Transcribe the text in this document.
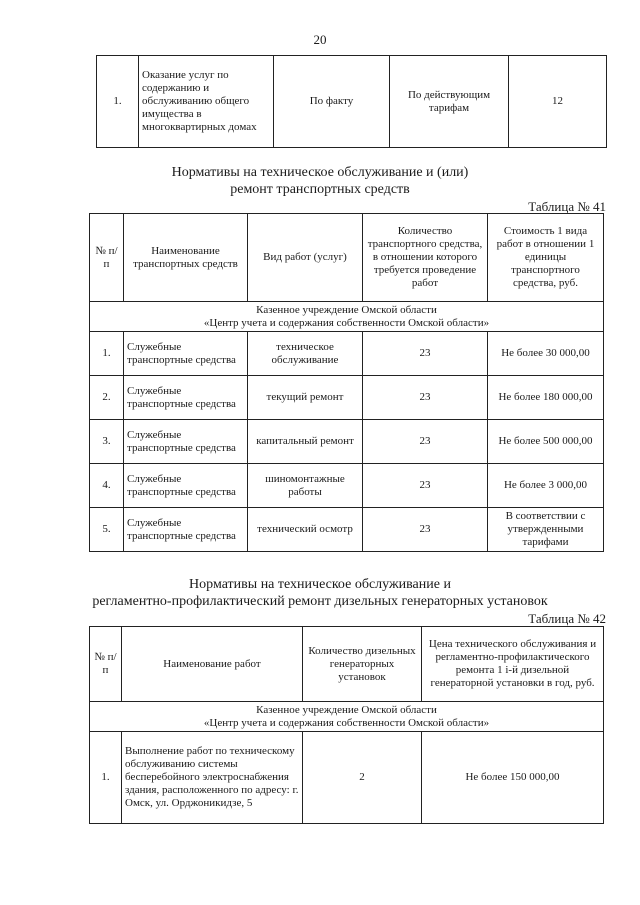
20
1.	Оказание услуг по содержанию и обслуживанию общего имущества в многоквартирных домах	По факту	По действующим тарифам	12
Нормативы на техническое обслуживание и (или)
ремонт транспортных средств
Таблица № 41
№ п/п	Наименование транспортных средств	Вид работ (услуг)	Количество транспортного средства, в отношении которого требуется проведение работ	Стоимость 1 вида работ в отношении 1 единицы транспортного средства, руб.

Казенное учреждение Омской области
«Центр учета и содержания собственности Омской области»				

1.	Служебные транспортные средства	техническое обслуживание	23	Не более 30 000,00
2.	Служебные транспортные средства	текущий ремонт	23	Не более 180 000,00
3.	Служебные транспортные средства	капитальный ремонт	23	Не более 500 000,00
4.	Служебные транспортные средства	шиномонтажные работы	23	Не более 3 000,00
5.	Служебные транспортные средства	технический осмотр	23	В соответствии с утвержденными тарифами
Нормативы на техническое обслуживание и
регламентно-профилактический ремонт дизельных генераторных установок
Таблица № 42
№ п/п	Наименование работ	Количество дизельных генераторных установок	Цена технического обслуживания и регламентно-профилактического ремонта 1 i-й дизельной генераторной установки в год, руб.

Казенное учреждение Омской области
«Центр учета и содержания собственности Омской области»			

1.	Выполнение работ по техническому обслуживанию системы бесперебойного электроснабжения здания, расположенного по адресу: г. Омск, ул. Орджоникидзе, 5	2	Не более 150 000,00
